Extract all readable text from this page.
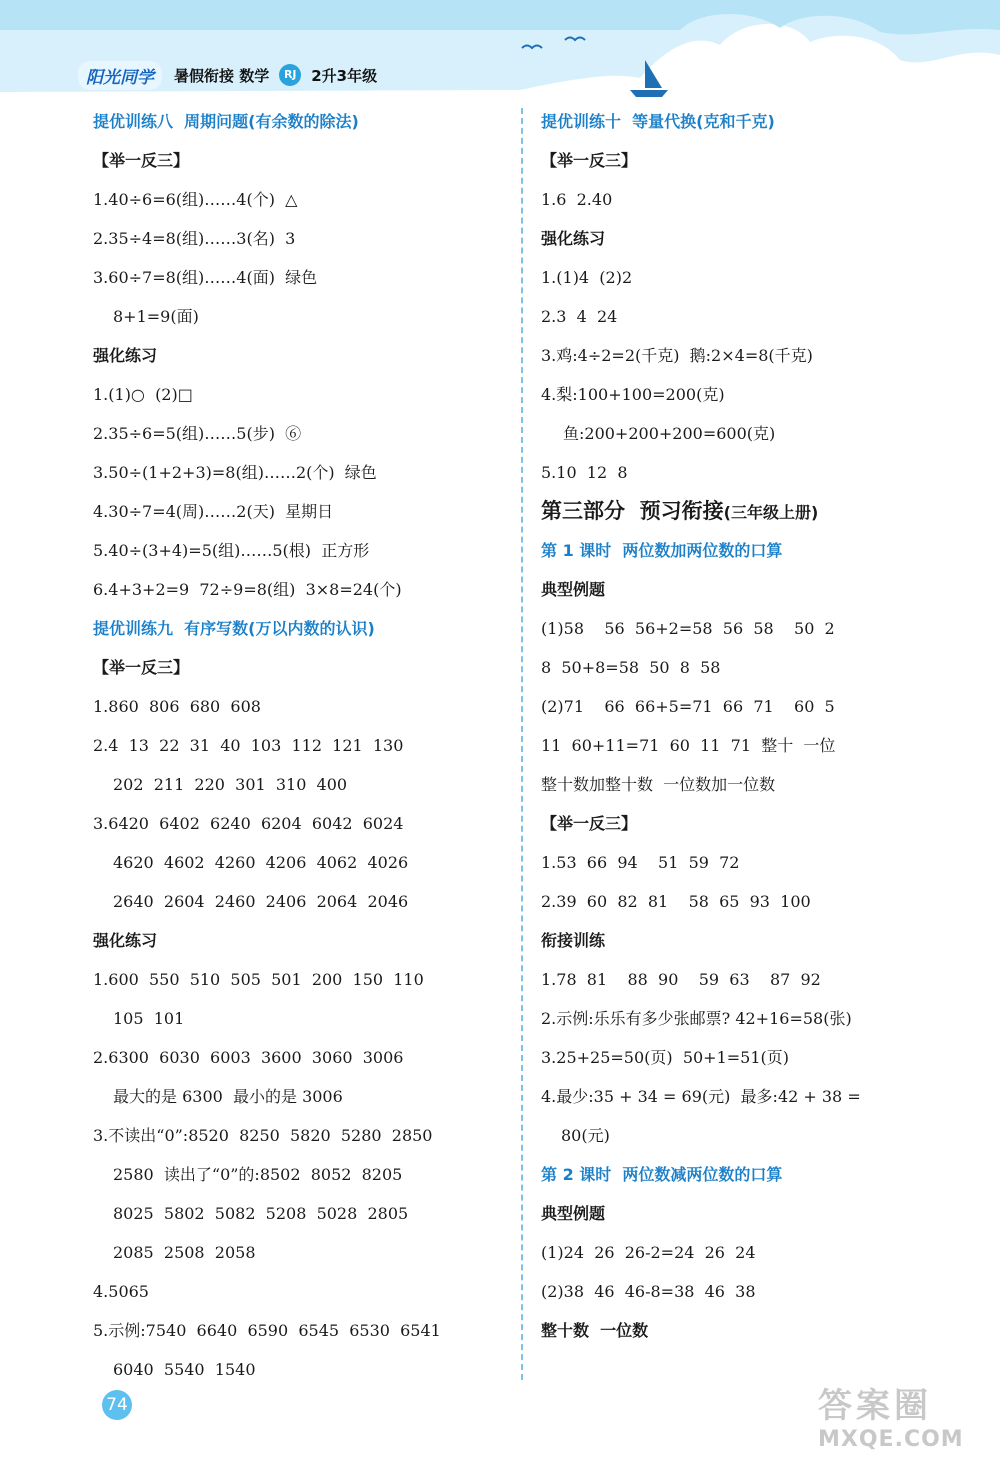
阳光同学	暑假衔接 数学	RJ 2升3年级
提优训练八  周期问题(有余数的除法)
【举一反三】
1.40÷6=6(组)……4(个)  △
2.35÷4=8(组)……3(名)  3
3.60÷7=8(组)……4(面)  绿色
8+1=9(面)
强化练习
1.(1)○  (2)□
2.35÷6=5(组)……5(步)  ⑥
3.50÷(1+2+3)=8(组)……2(个)  绿色
4.30÷7=4(周)……2(天)  星期日
5.40÷(3+4)=5(组)……5(根)  正方形
6.4+3+2=9  72÷9=8(组)  3×8=24(个)
提优训练九  有序写数(万以内数的认识)
【举一反三】
1.860  806  680  608
2.4  13  22  31  40  103  112  121  130
202  211  220  301  310  400
3.6420  6402  6240  6204  6042  6024
4620  4602  4260  4206  4062  4026
2640  2604  2460  2406  2064  2046
强化练习
1.600  550  510  505  501  200  150  110
105  101
2.6300  6030  6003  3600  3060  3006
最大的是 6300  最小的是 3006
3.不读出“0”:8520  8250  5820  5280  2850
2580  读出了“0”的:8502  8052  8205
8025  5802  5082  5208  5028  2805
2085  2508  2058
4.5065
5.示例:7540  6640  6590  6545  6530  6541
6040  5540  1540
提优训练十  等量代换(克和千克)
【举一反三】
1.6  2.40
强化练习
1.(1)4  (2)2
2.3  4  24
3.鸡:4÷2=2(千克)  鹅:2×4=8(千克)
4.梨:100+100=200(克)
鱼:200+200+200=600(克)
5.10  12  8
第三部分  预习衔接(三年级上册)
第 1 课时  两位数加两位数的口算
典型例题
(1)58    56  56+2=58  56  58    50  2
8  50+8=58  50  8  58
(2)71    66  66+5=71  66  71    60  5
11  60+11=71  60  11  71  整十  一位
整十数加整十数  一位数加一位数
【举一反三】
1.53  66  94    51  59  72
2.39  60  82  81    58  65  93  100
衔接训练
1.78  81    88  90    59  63    87  92
2.示例:乐乐有多少张邮票? 42+16=58(张)
3.25+25=50(页)  50+1=51(页)
4.最少:35 + 34 = 69(元)  最多:42 + 38 =
80(元)
第 2 课时  两位数减两位数的口算
典型例题
(1)24  26  26-2=24  26  24
(2)38  46  46-8=38  46  38
整十数  一位数
74	答案圈
MXQE.COM
